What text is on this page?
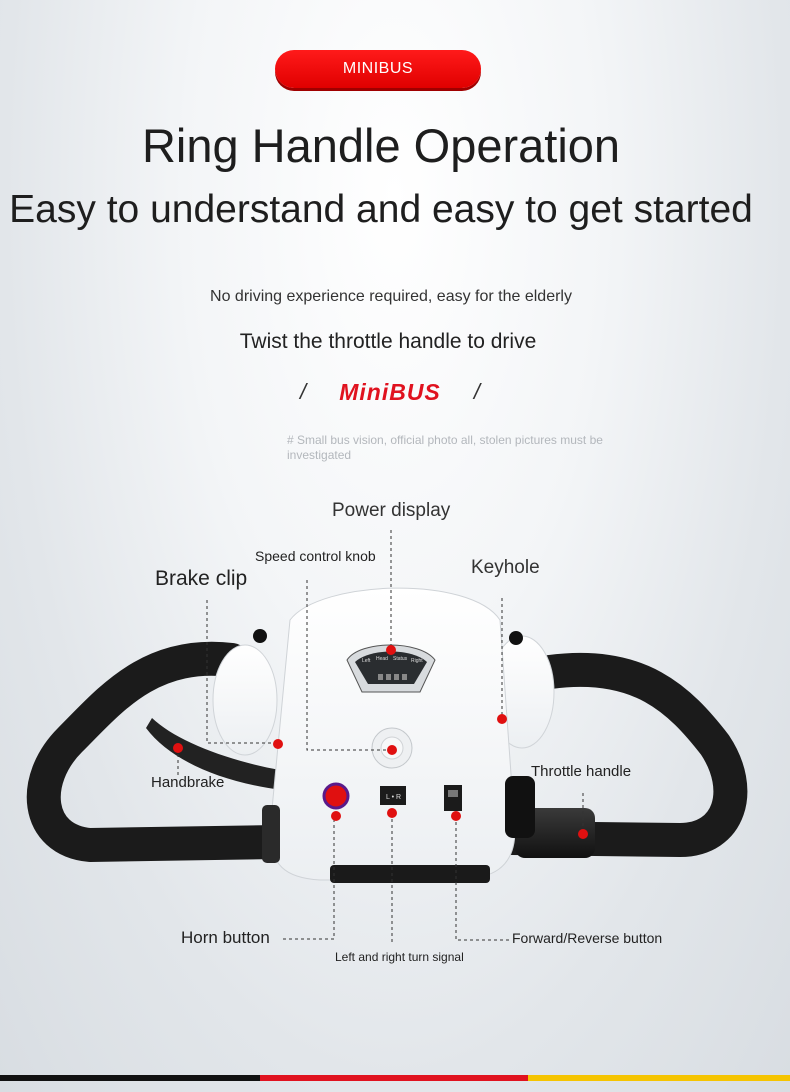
MINIBUS
Ring Handle Operation
Easy to understand and easy to get started
No driving experience required, easy for the elderly
Twist the throttle handle to drive
/ MiniBUS /
# Small bus vision, official photo all, stolen pictures must be investigated
Left Head Status Right
L • R
Power display
Speed control knob
Brake clip	Keyhole
Handbrake
Throttle handle
Horn button
Left and right turn signal
Forward/Reverse button
